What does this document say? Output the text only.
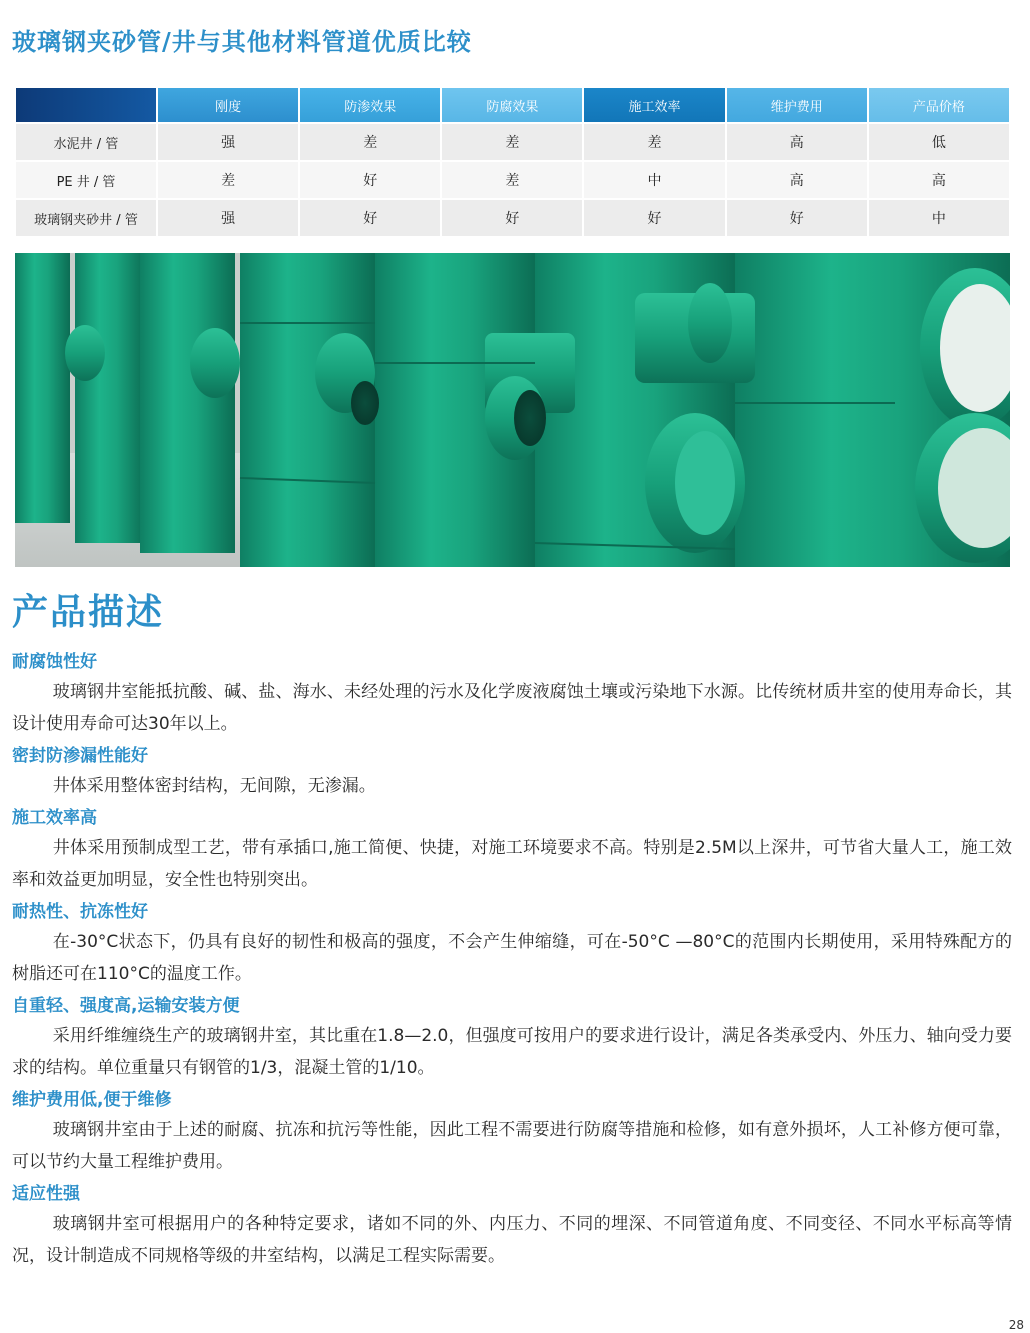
玻璃钢夹砂管/井与其他材料管道优质比较
	刚度	防渗效果	防腐效果	施工效率	维护费用	产品价格
水泥井 / 管	强	差	差	差	高	低
PE 井 / 管	差	好	差	中	高	高
玻璃钢夹砂井 / 管	强	好	好	好	好	中
产品描述
耐腐蚀性好

玻璃钢井室能抵抗酸、碱、盐、海水、未经处理的污水及化学废液腐蚀土壤或污染地下水源。比传统材质井室的使用寿命长，其设计使用寿命可达30年以上。

密封防渗漏性能好

井体采用整体密封结构，无间隙，无渗漏。

施工效率高

井体采用预制成型工艺，带有承插口,施工简便、快捷，对施工环境要求不高。特别是2.5M以上深井，可节省大量人工，施工效率和效益更加明显，安全性也特别突出。

耐热性、抗冻性好

在-30°C状态下，仍具有良好的韧性和极高的强度，不会产生伸缩缝，可在-50°C —80°C的范围内长期使用，采用特殊配方的树脂还可在110°C的温度工作。

自重轻、强度高,运输安装方便

采用纤维缠绕生产的玻璃钢井室，其比重在1.8—2.0，但强度可按用户的要求进行设计，满足各类承受内、外压力、轴向受力要求的结构。单位重量只有钢管的1/3，混凝土管的1/10。

维护费用低,便于维修

玻璃钢井室由于上述的耐腐、抗冻和抗污等性能，因此工程不需要进行防腐等措施和检修，如有意外损坏，人工补修方便可靠，可以节约大量工程维护费用。

适应性强

玻璃钢井室可根据用户的各种特定要求，诸如不同的外、内压力、不同的埋深、不同管道角度、不同变径、不同水平标高等情况，设计制造成不同规格等级的井室结构，以满足工程实际需要。

28
